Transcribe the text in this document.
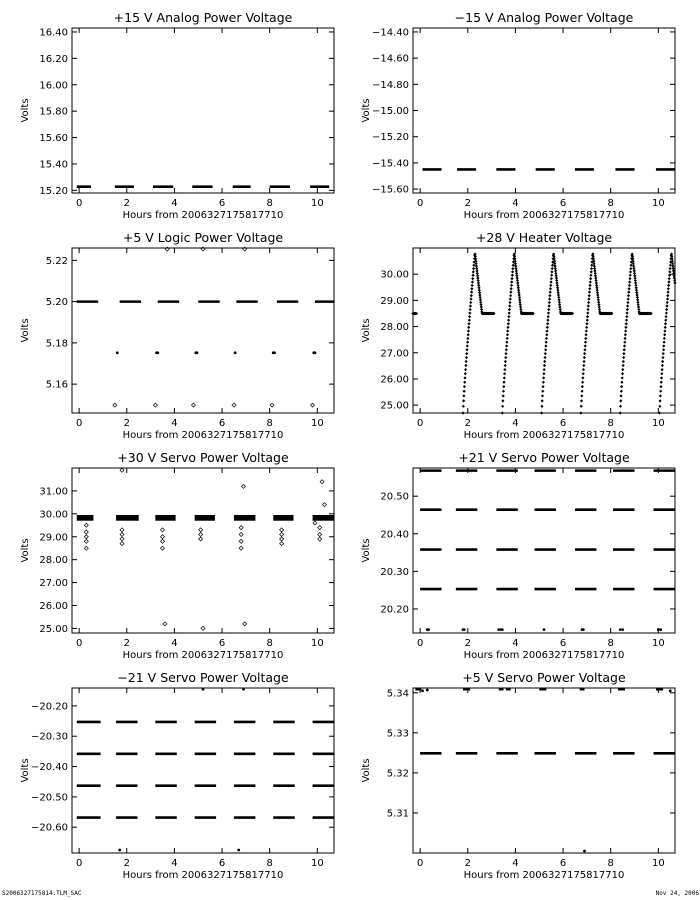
+15 V Analog Power Voltage
0	2	4	6	8	10
Hours from 2006327175817710
15.20
15.40
15.60
15.80
16.00
16.20
16.40
Volts
−15 V Analog Power Voltage
0	2	4	6	8	10
Hours from 2006327175817710
−15.60
−15.40
−15.20
−15.00
−14.80
−14.60
−14.40
Volts
+5 V Logic Power Voltage
0	2	4	6	8	10
Hours from 2006327175817710
5.16
5.18
5.20
5.22
Volts
+28 V Heater Voltage
0	2	4	6	8	10
Hours from 2006327175817710
25.00
26.00
27.00
28.00
29.00
30.00
Volts
+30 V Servo Power Voltage
0	2	4	6	8	10
Hours from 2006327175817710
25.00
26.00
27.00
28.00
29.00
30.00
31.00
Volts
+21 V Servo Power Voltage
0	2	4	6	8	10
Hours from 2006327175817710
20.20
20.30
20.40
20.50
Volts
−21 V Servo Power Voltage
0	2	4	6	8	10
Hours from 2006327175817710
−20.60
−20.50
−20.40
−20.30
−20.20
Volts
+5 V Servo Power Voltage
0	2	4	6	8	10
Hours from 2006327175817710
5.31
5.32
5.33
5.34
Volts
S2006327175814.TLM_SAC	Nov 24, 2006
